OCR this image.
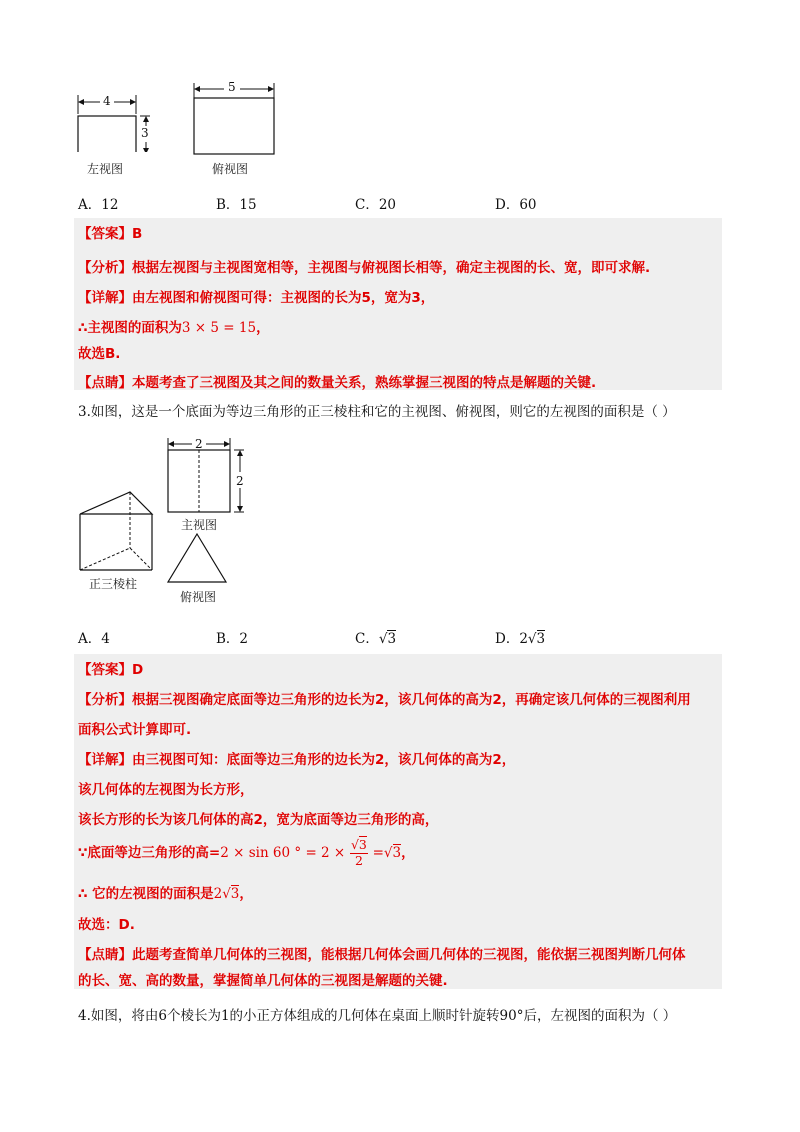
4
3
左视图
5
俯视图
A．12	B．15	C．20	D．60
【答案】B
【分析】根据左视图与主视图宽相等，主视图与俯视图长相等，确定主视图的长、宽，即可求解.
【详解】由左视图和俯视图可得：主视图的长为5，宽为3，
∴主视图的面积为3 × 5 = 15，
故选B.
【点睛】本题考查了三视图及其之间的数量关系，熟练掌握三视图的特点是解题的关键.
3.如图，这是一个底面为等边三角形的正三棱柱和它的主视图、俯视图，则它的左视图的面积是（ ）
正三棱柱
2
2
主视图
俯视图
A．4	B．2	C．√3	D．2√3
【答案】D
【分析】根据三视图确定底面等边三角形的边长为2，该几何体的高为2，再确定该几何体的三视图利用
面积公式计算即可.
【详解】由三视图可知：底面等边三角形的边长为2，该几何体的高为2，
该几何体的左视图为长方形，
该长方形的长为该几何体的高2，宽为底面等边三角形的高，
∵底面等边三角形的高=2 × sin 60 ° = $2 \times \frac{√3}{2} =√3$，
∴ 它的左视图的面积是2√3，
故选：D.
【点睛】此题考查简单几何体的三视图，能根据几何体会画几何体的三视图，能依据三视图判断几何体
的长、宽、高的数量，掌握简单几何体的三视图是解题的关键.
4.如图，将由6个棱长为1的小正方体组成的几何体在桌面上顺时针旋转90°后，左视图的面积为（ ）
